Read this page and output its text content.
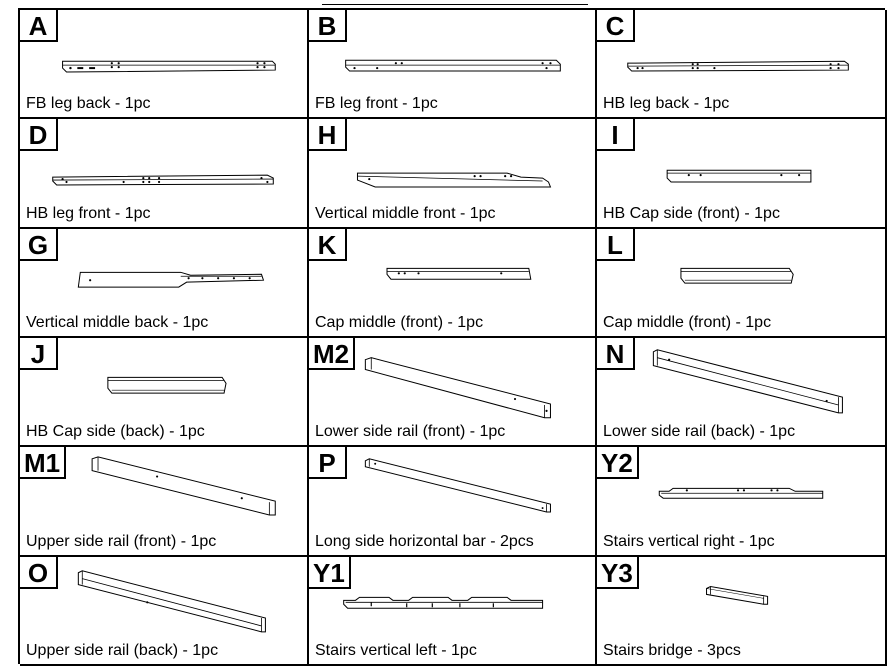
A
FB leg back - 1pc
B
FB leg front - 1pc
C
HB leg back - 1pc
D
HB leg front - 1pc
H
Vertical middle front - 1pc
I
HB Cap side (front) - 1pc
G
Vertical middle back - 1pc
K
Cap middle (front) - 1pc
L
Cap middle (front) - 1pc
J
HB Cap side (back) - 1pc
M2
Lower side rail (front) - 1pc
N
Lower side rail (back) - 1pc
M1
Upper side rail (front) - 1pc
P
Long side horizontal bar - 2pcs
Y2
Stairs vertical right - 1pc
O
Upper side rail (back) - 1pc
Y1
Stairs vertical left - 1pc
Y3
Stairs bridge - 3pcs
